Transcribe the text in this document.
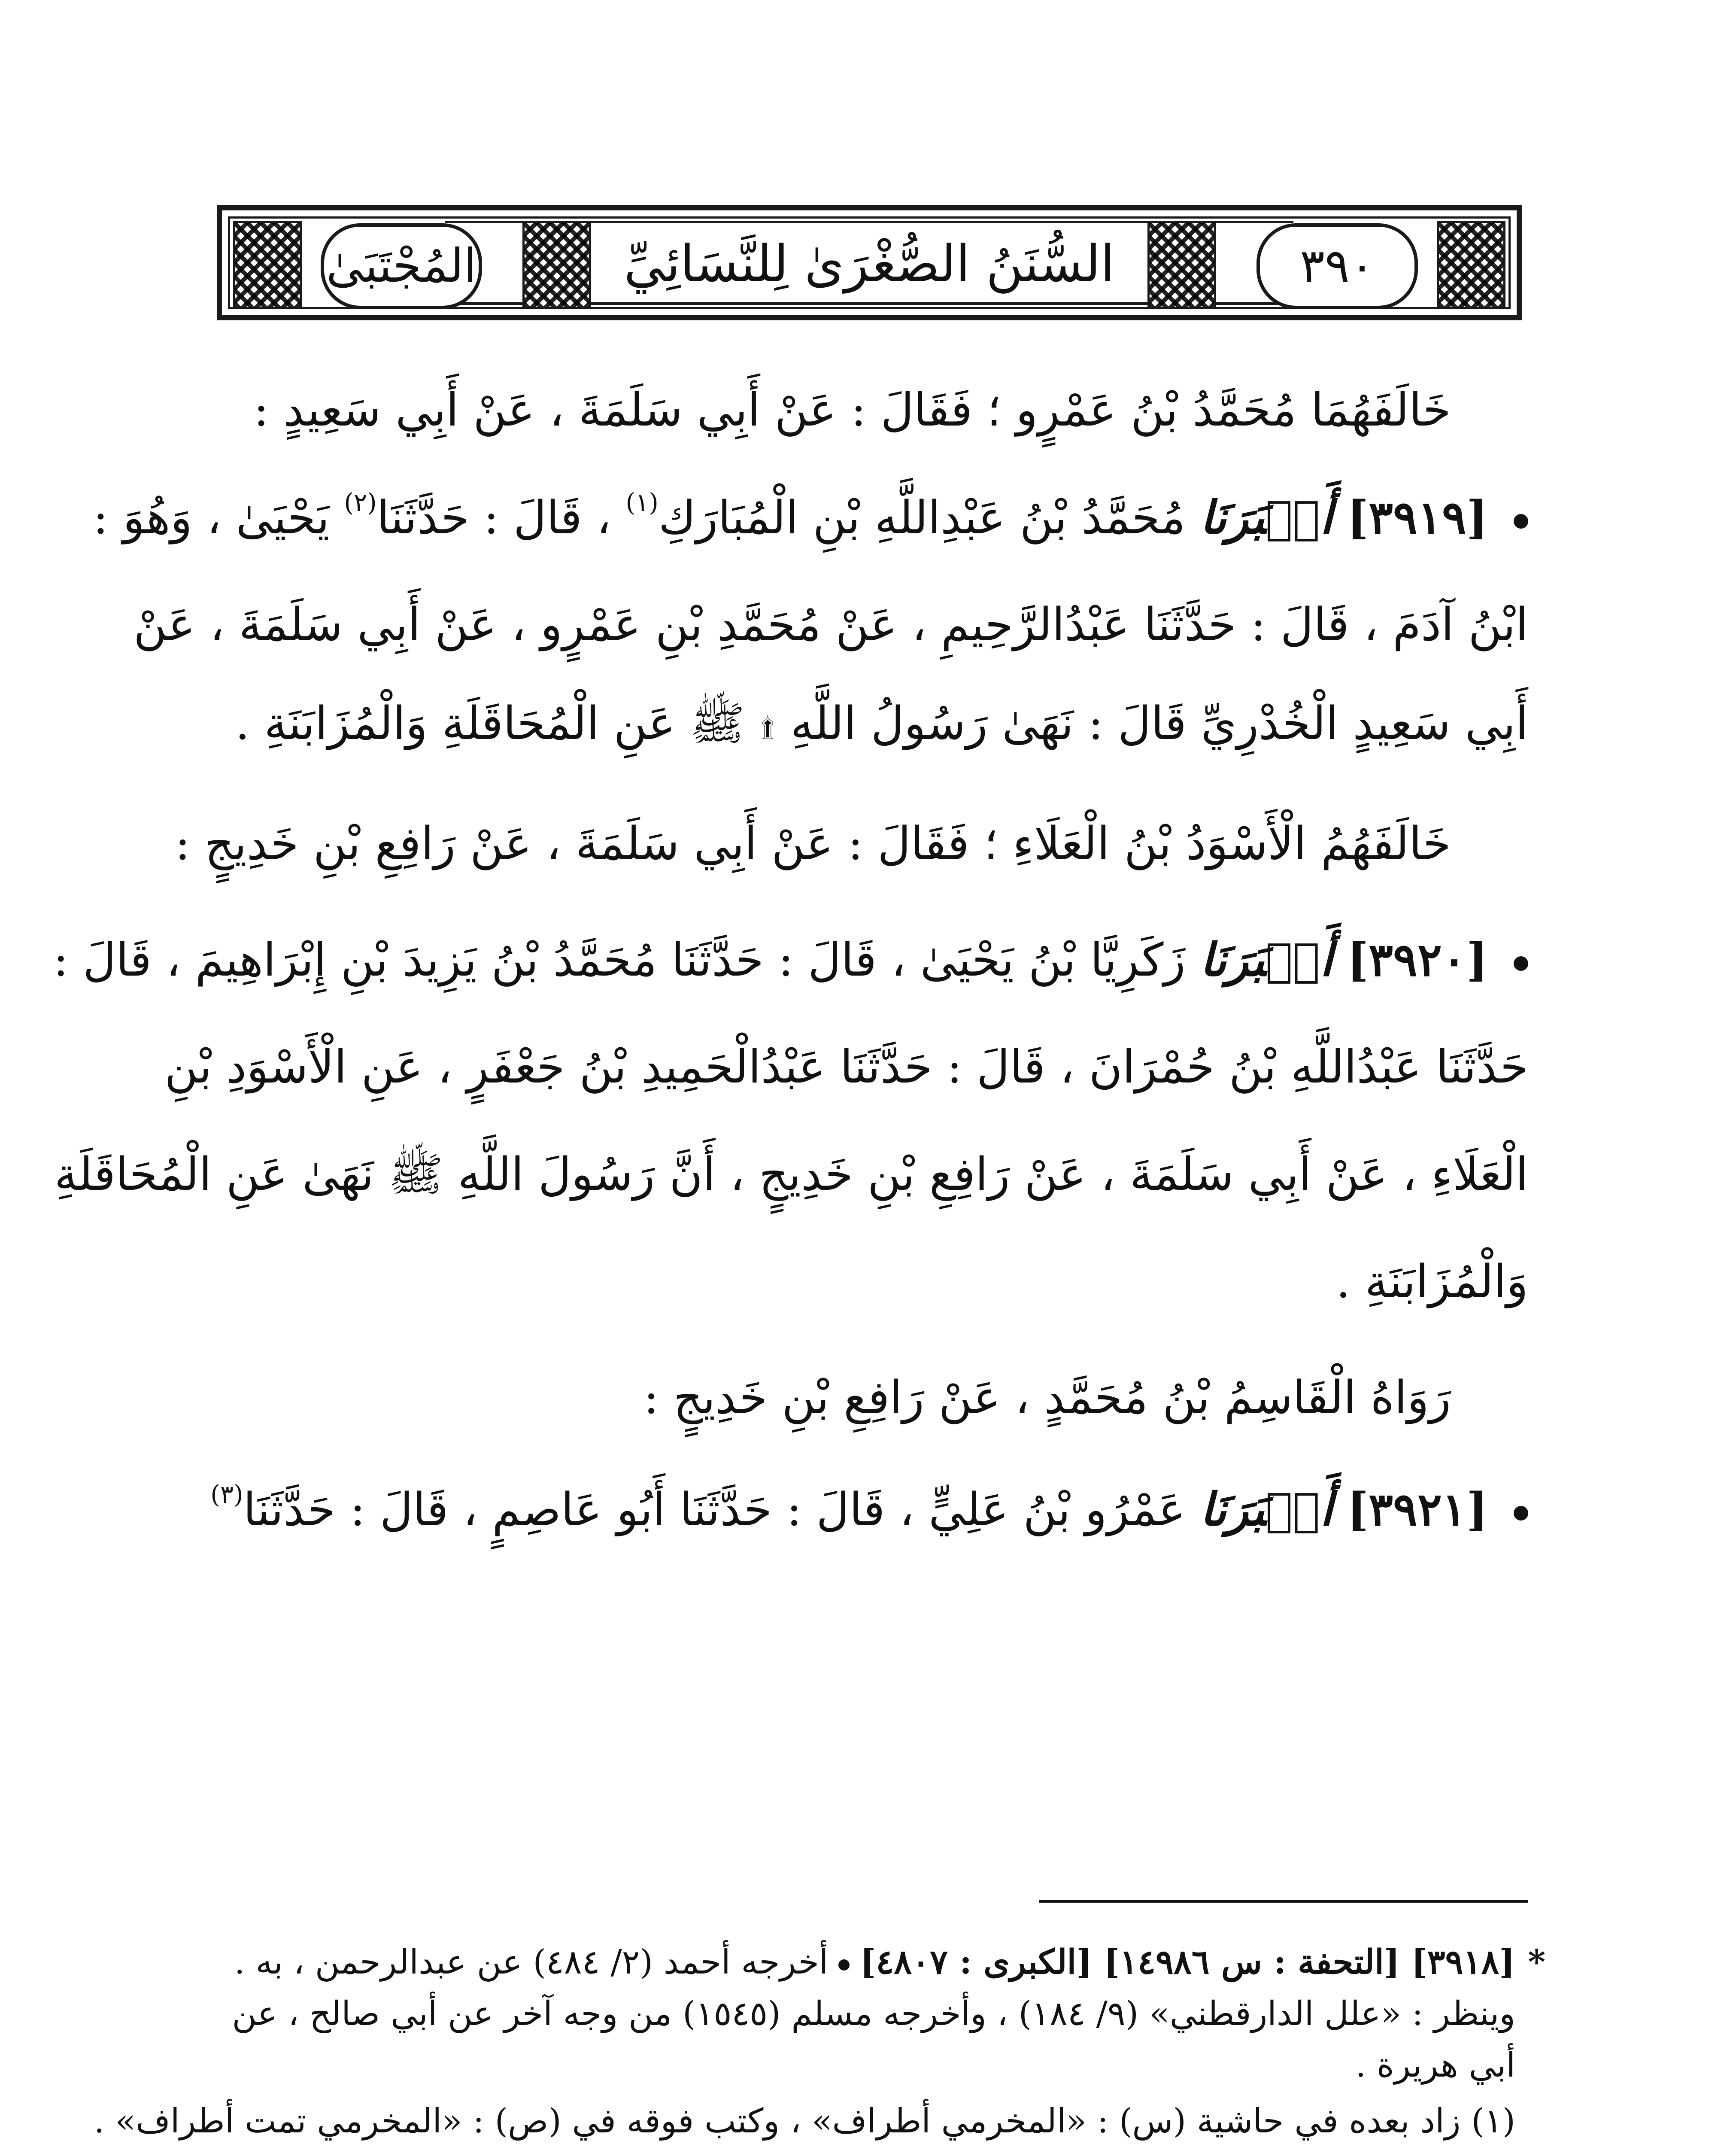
المُجْتَبَىٰ	السُّنَنُ الصُّغْرَىٰ لِلنَّسَائِيِّ	٣٩٠
خَالَفَهُمَا مُحَمَّدُ بْنُ عَمْرٍو ؛ فَقَالَ : عَنْ أَبِي سَلَمَةَ ، عَنْ أَبِي سَعِيدٍ :
[٣٩١٩] أَخۡبَرَنَا مُحَمَّدُ بْنُ عَبْدِاللَّهِ بْنِ الْمُبَارَكِ$^{(١)}$ ، قَالَ : حَدَّثَنَا$^{(٢)}$ يَحْيَىٰ ، وَهُوَ :
ابْنُ آدَمَ ، قَالَ : حَدَّثَنَا عَبْدُالرَّحِيمِ ، عَنْ مُحَمَّدِ بْنِ عَمْرٍو ، عَنْ أَبِي سَلَمَةَ ، عَنْ
أَبِي سَعِيدٍ الْخُدْرِيِّ قَالَ : نَهَىٰ رَسُولُ اللَّهِ ۩ ﷺ عَنِ الْمُحَاقَلَةِ وَالْمُزَابَنَةِ .
خَالَفَهُمُ الْأَسْوَدُ بْنُ الْعَلَاءِ ؛ فَقَالَ : عَنْ أَبِي سَلَمَةَ ، عَنْ رَافِعِ بْنِ خَدِيجٍ :
[٣٩٢٠] أَخۡبَرَنَا زَكَرِيَّا بْنُ يَحْيَىٰ ، قَالَ : حَدَّثَنَا مُحَمَّدُ بْنُ يَزِيدَ بْنِ إِبْرَاهِيمَ ، قَالَ :
حَدَّثَنَا عَبْدُاللَّهِ بْنُ حُمْرَانَ ، قَالَ : حَدَّثَنَا عَبْدُالْحَمِيدِ بْنُ جَعْفَرٍ ، عَنِ الْأَسْوَدِ بْنِ
الْعَلَاءِ ، عَنْ أَبِي سَلَمَةَ ، عَنْ رَافِعِ بْنِ خَدِيجٍ ، أَنَّ رَسُولَ اللَّهِ ﷺ نَهَىٰ عَنِ الْمُحَاقَلَةِ
وَالْمُزَابَنَةِ .
رَوَاهُ الْقَاسِمُ بْنُ مُحَمَّدٍ ، عَنْ رَافِعِ بْنِ خَدِيجٍ :
[٣٩٢١] أَخۡبَرَنَا عَمْرُو بْنُ عَلِيٍّ ، قَالَ : حَدَّثَنَا أَبُو عَاصِمٍ ، قَالَ : حَدَّثَنَا$^{(٣)}$
*[٣٩١٨] [التحفة : س ١٤٩٨٦] [الكبرى : ٤٨٠٧]أخرجه أحمد (٢/ ٤٨٤) عن عبدالرحمن ، به .
وينظر : «علل الدارقطني» (٩/ ١٨٤) ، وأخرجه مسلم (١٥٤٥) من وجه آخر عن أبي صالح ، عن
أبي هريرة .
(١) زاد بعده في حاشية (س) : «المخرمي أطراف» ، وكتب فوقه في (ص) : «المخرمي تمت أطراف» .
